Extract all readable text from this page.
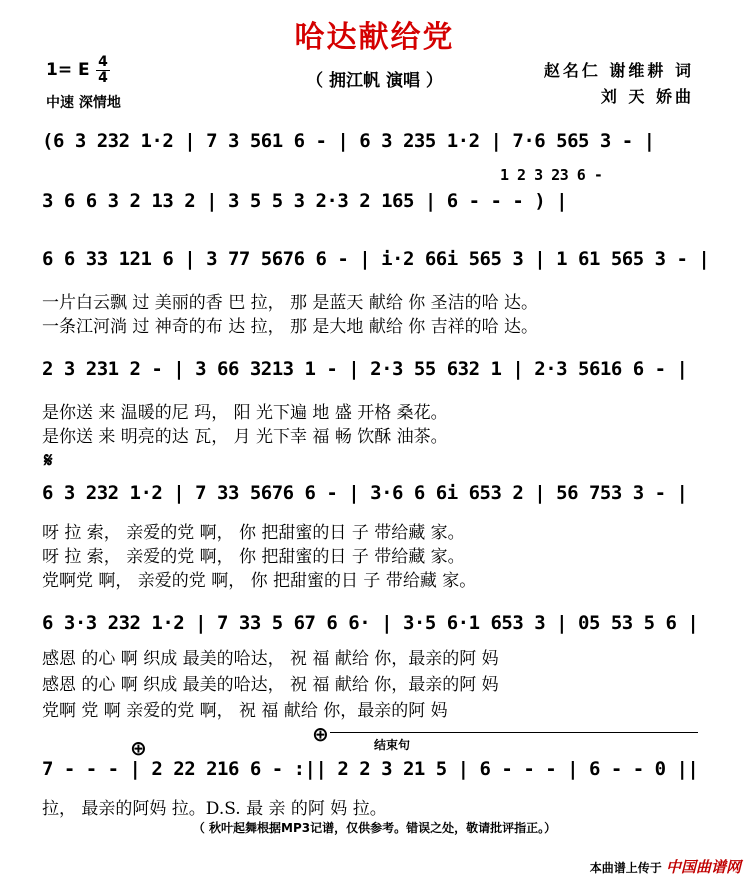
哈达献给党
（ 拥江帆 演唱 ）
1= E 4
4
中速 深情地
赵名仁 谢维耕 词
刘 天 娇曲
(6 3 232 1·2 | 7 3 561 6 - | 6 3 235 1·2 | 7·6 565 3 - |
1 2 3 23 6 -
3 6 6 3 2 13 2 | 3 5 5 3 2·3 2 165 | 6 - - - ) |
6 6 33 121 6 | 3 77 5676 6 - | i·2 66i 565 3 | 1 61 565 3 - |
一片白云飘 过 美丽的香 巴 拉， 那 是蓝天 献给 你 圣洁的哈 达。
一条江河淌 过 神奇的布 达 拉， 那 是大地 献给 你 吉祥的哈 达。
2 3 231 2 - | 3 66 3213 1 - | 2·3 55 632 1 | 2·3 5616 6 - |
是你送 来 温暖的尼 玛， 阳 光下遍 地 盛 开格 桑花。
是你送 来 明亮的达 瓦， 月 光下幸 福 畅 饮酥 油茶。
𝄋
6 3 232 1·2 | 7 33 5676 6 - | 3·6 6 6i 653 2 | 56 753 3 - |
呀 拉 索， 亲爱的党 啊， 你 把甜蜜的日 子 带给藏 家。
呀 拉 索， 亲爱的党 啊， 你 把甜蜜的日 子 带给藏 家。
党啊党 啊， 亲爱的党 啊， 你 把甜蜜的日 子 带给藏 家。
6 3·3 232 1·2 | 7 33 5 67 6 6· | 3·5 6·1 653 3 | 05 53 5 6 |
感恩 的心 啊 织成 最美的哈达， 祝 福 献给 你，最亲的阿 妈
感恩 的心 啊 织成 最美的哈达， 祝 福 献给 你，最亲的阿 妈
党啊 党 啊 亲爱的党 啊， 祝 福 献给 你，最亲的阿 妈
⊕
⊕	结束句
7 - - - | 2 22 216 6 - :|| 2 2 3 21 5 | 6 - - - | 6 - - 0 ||
拉， 最亲的阿妈 拉。D.S. 最 亲 的阿 妈 拉。
（ 秋叶起舞根据MP3记谱，仅供参考。错误之处，敬请批评指正。）
本曲谱上传于 中国曲谱网
